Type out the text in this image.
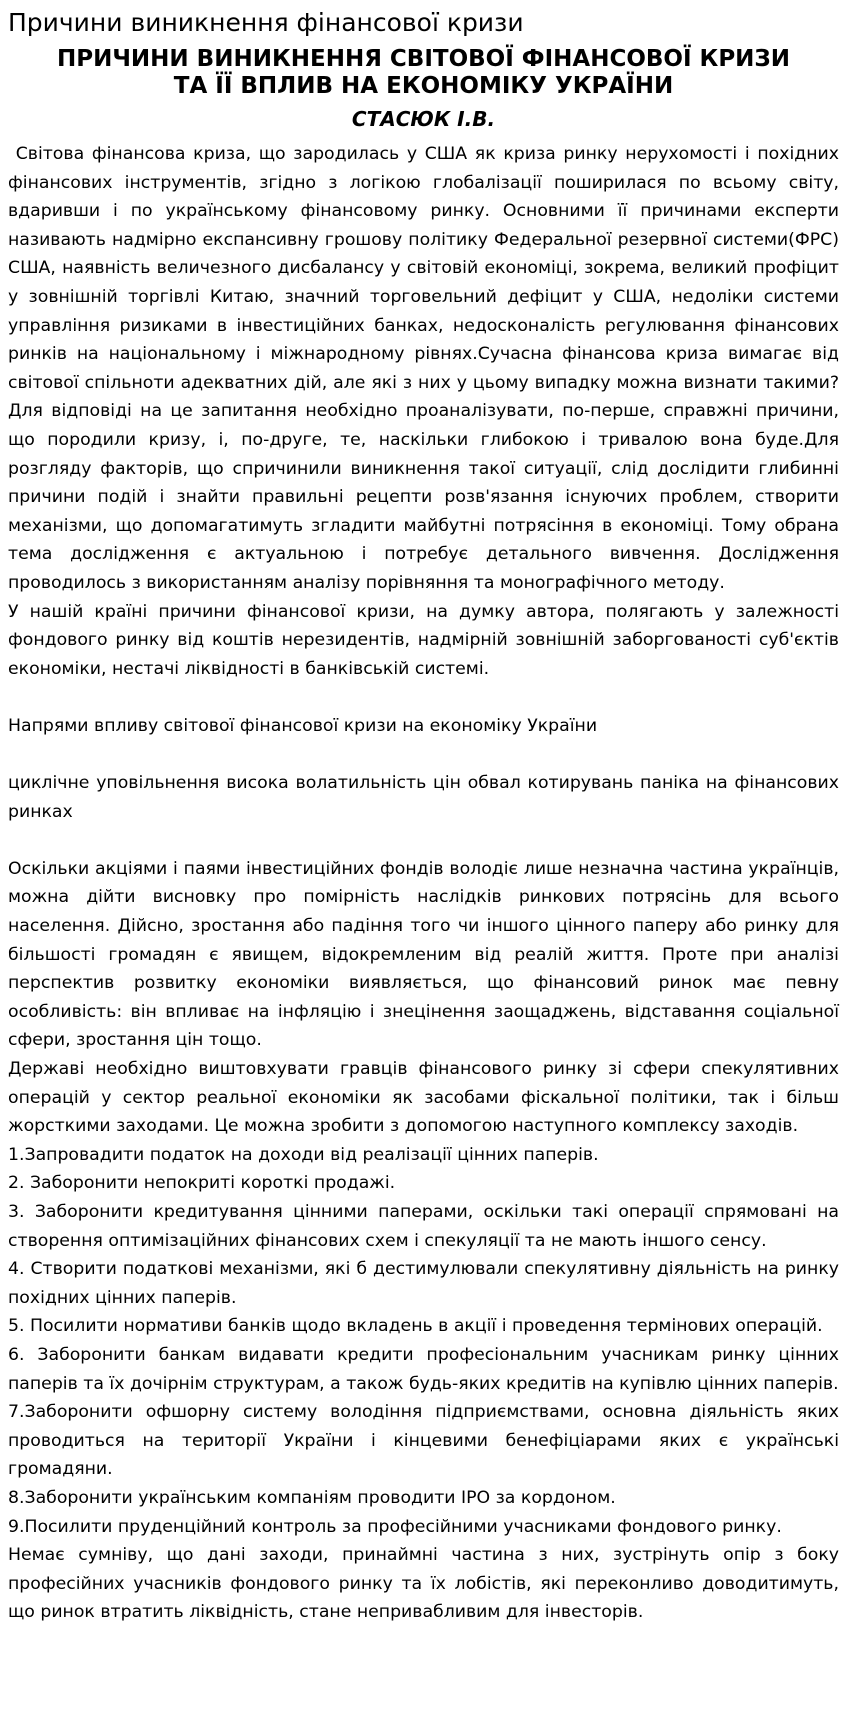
Причини виникнення фінансової кризи
ПРИЧИНИ ВИНИКНЕННЯ СВІТОВОЇ ФІНАНСОВОЇ КРИЗИ ТА ЇЇ ВПЛИВ НА ЕКОНОМІКУ УКРАЇНИ
СТАСЮК І.В.

Світова фінансова криза, що зародилась у США як криза ринку нерухомості і похідних фінансових інструментів, згідно з логікою глобалізації поширилася по всьому світу, вдаривши і по українському фінансовому ринку. Основними її причинами експерти називають надмірно експансивну грошову політику Федеральної резервної системи(ФРС) США, наявність величезного дисбалансу у світовій економіці, зокрема, великий профіцит у зовнішній торгівлі Китаю, значний торговельний дефіцит у США, недоліки системи управління ризиками в інвестиційних банках, недосконалість регулювання фінансових ринків на національному і міжнародному рівнях.Сучасна фінансова криза вимагає від світової спільноти адекватних дій, але які з них у цьому випадку можна визнати такими? Для відповіді на це запитання необхідно проаналізувати, по-перше, справжні причини, що породили кризу, і, по-друге, те, наскільки глибокою і тривалою вона буде.Для розгляду факторів, що спричинили виникнення такої ситуації, слід дослідити глибинні причини подій і знайти правильні рецепти розв'язання існуючих проблем, створити механізми, що допомагатимуть згладити майбутні потрясіння в економіці. Тому обрана тема дослідження є актуальною і потребує детального вивчення. Дослідження проводилось з використанням аналізу порівняння та монографічного методу.

У нашій країні причини фінансової кризи, на думку автора, полягають у залежності фондового ринку від коштів нерезидентів, надмірній зовнішній заборгованості суб'єктів економіки, нестачі ліквідності в банківській системі.

Напрями впливу світової фінансової кризи на економіку України

циклічне уповільнення висока волатильність цін обвал котирувань паніка на фінансових ринках

Оскільки акціями і паями інвестиційних фондів володіє лише незначна частина українців, можна дійти висновку про помірність наслідків ринкових потрясінь для всього населення. Дійсно, зростання або падіння того чи іншого цінного паперу або ринку для більшості громадян є явищем, відокремленим від реалій життя. Проте при аналізі перспектив розвитку економіки виявляється, що фінансовий ринок має певну особливість: він впливає на інфляцію і знецінення заощаджень, відставання соціальної сфери, зростання цін тощо.

Державі необхідно виштовхувати гравців фінансового ринку зі сфери спекулятивних операцій у сектор реальної економіки як засобами фіскальної політики, так і більш жорсткими заходами. Це можна зробити з допомогою наступного комплексу заходів.

1.Запровадити податок на доходи від реалізації цінних паперів.

2. Заборонити непокриті короткі продажі.

3. Заборонити кредитування цінними паперами, оскільки такі операції спрямовані на створення оптимізаційних фінансових схем і спекуляції та не мають іншого сенсу.

4. Створити податкові механізми, які б дестимулювали спекулятивну діяльність на ринку похідних цінних паперів.

5. Посилити нормативи банків щодо вкладень в акції і проведення термінових операцій.

6. Заборонити банкам видавати кредити професіональним учасникам ринку цінних паперів та їх дочірнім структурам, а також будь-яких кредитів на купівлю цінних паперів.

7.Заборонити офшорну систему володіння підприємствами, основна діяльність яких проводиться на території України і кінцевими бенефіціарами яких є українські громадяни.

8.Заборонити українським компаніям проводити IPO за кордоном.

9.Посилити пруденційний контроль за професійними учасниками фондового ринку.

Немає сумніву, що дані заходи, принаймні частина з них, зустрінуть опір з боку професійних учасників фондового ринку та їх лобістів, які переконливо доводитимуть, що ринок втратить ліквідність, стане непривабливим для інвесторів.
